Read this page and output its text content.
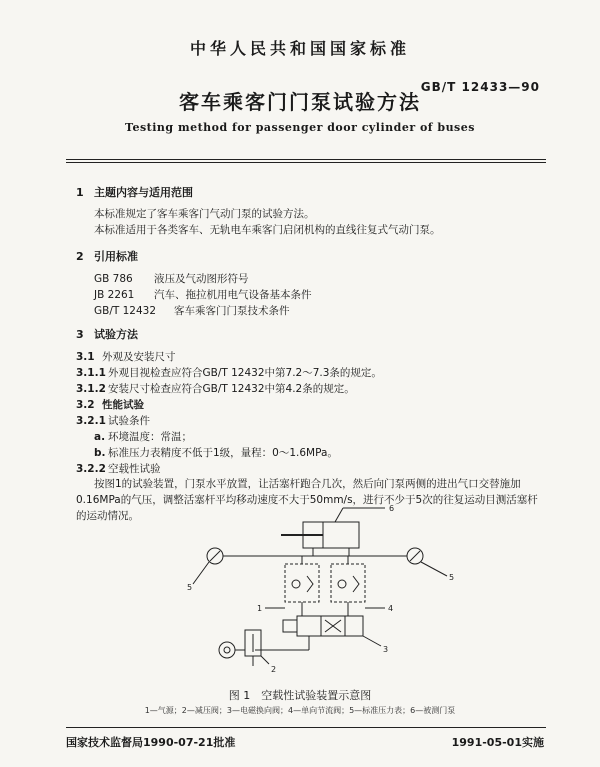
中华人民共和国国家标准
GB/T 12433—90
客车乘客门门泵试验方法
Testing method for passenger door cylinder of buses
1 主题内容与适用范围
本标准规定了客车乘客门气动门泵的试验方法。
本标准适用于各类客车、无轨电车乘客门启闭机构的直线往复式气动门泵。
2 引用标准
GB 786 液压及气动图形符号
JB 2261 汽车、拖拉机用电气设备基本条件
GB/T 12432 客车乘客门门泵技术条件
3 试验方法
3.1 外观及安装尺寸
3.1.1 外观目视检查应符合GB/T 12432中第7.2～7.3条的规定。
3.1.2 安装尺寸检查应符合GB/T 12432中第4.2条的规定。
3.2 性能试验
3.2.1 试验条件
a. 环境温度：常温；
b. 标准压力表精度不低于1级，量程：0～1.6MPa。
3.2.2 空载性试验
按图1的试验装置，门泵水平放置，让活塞杆跑合几次，然后向门泵两侧的进出气口交替施加0.16MPa的气压，调整活塞杆平均移动速度不大于50mm/s，进行不少于5次的往复运动目测活塞杆的运动情况。
6
5
5
1	4
3
2
图 1　空载性试验装置示意图
1—气源；2—减压阀；3—电磁换向阀；4—单向节流阀；5—标准压力表；6—被测门泵
国家技术监督局1990-07-21批准	1991-05-01实施
